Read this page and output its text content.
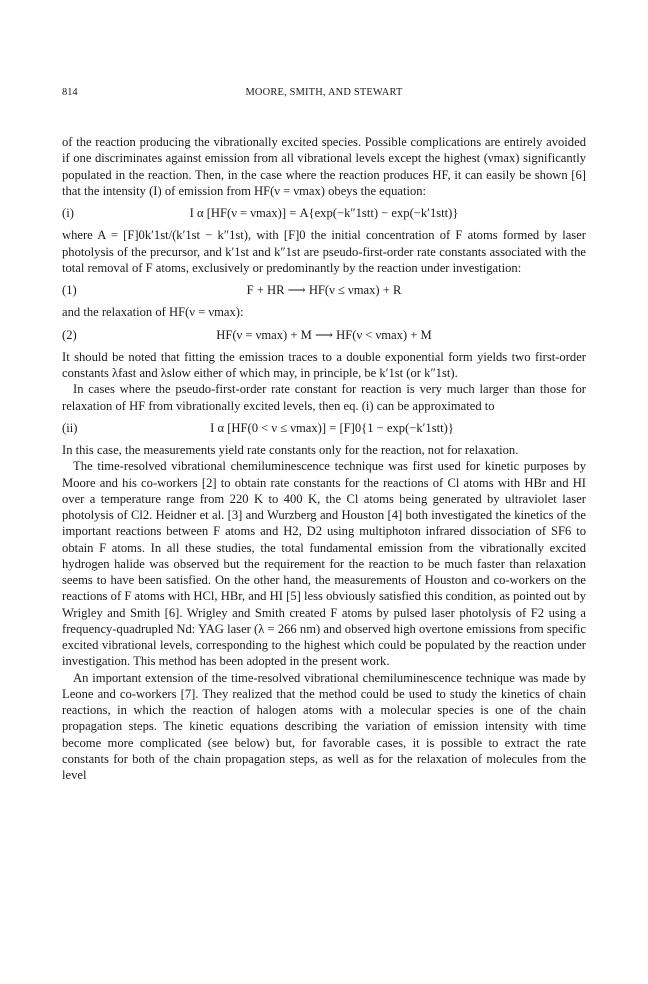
814	MOORE, SMITH, AND STEWART

of the reaction producing the vibrationally excited species. Possible complications are entirely avoided if one discriminates against emission from all vibrational levels except the highest (νmax) significantly populated in the reaction. Then, in the case where the reaction produces HF, it can easily be shown [6] that the intensity (I) of emission from HF(ν = νmax) obeys the equation:

(i)	I α [HF(ν = νmax)] = A{exp(−k″1stt) − exp(−k′1stt)}

where A = [F]0k′1st/(k′1st − k″1st), with [F]0 the initial concentration of F atoms formed by laser photolysis of the precursor, and k′1st and k″1st are pseudo-first-order rate constants associated with the total removal of F atoms, exclusively or predominantly by the reaction under investigation:

(1)	F + HR ⟶ HF(ν ≤ νmax) + R

and the relaxation of HF(ν = νmax):

(2)	HF(ν = νmax) + M ⟶ HF(ν < νmax) + M

It should be noted that fitting the emission traces to a double exponential form yields two first-order constants λfast and λslow either of which may, in principle, be k′1st (or k″1st).

In cases where the pseudo-first-order rate constant for reaction is very much larger than those for relaxation of HF from vibrationally excited levels, then eq. (i) can be approximated to

(ii)	I α [HF(0 < ν ≤ νmax)] = [F]0{1 − exp(−k′1stt)}

In this case, the measurements yield rate constants only for the reaction, not for relaxation.

The time-resolved vibrational chemiluminescence technique was first used for kinetic purposes by Moore and his co-workers [2] to obtain rate constants for the reactions of Cl atoms with HBr and HI over a temperature range from 220 K to 400 K, the Cl atoms being generated by ultraviolet laser photolysis of Cl2. Heidner et al. [3] and Wurzberg and Houston [4] both investigated the kinetics of the important reactions between F atoms and H2, D2 using multiphoton infrared dissociation of SF6 to obtain F atoms. In all these studies, the total fundamental emission from the vibrationally excited hydrogen halide was observed but the requirement for the reaction to be much faster than relaxation seems to have been satisfied. On the other hand, the measurements of Houston and co-workers on the reactions of F atoms with HCl, HBr, and HI [5] less obviously satisfied this condition, as pointed out by Wrigley and Smith [6]. Wrigley and Smith created F atoms by pulsed laser photolysis of F2 using a frequency-quadrupled Nd: YAG laser (λ = 266 nm) and observed high overtone emissions from specific excited vibrational levels, corresponding to the highest which could be populated by the reaction under investigation. This method has been adopted in the present work.

An important extension of the time-resolved vibrational chemiluminescence technique was made by Leone and co-workers [7]. They realized that the method could be used to study the kinetics of chain reactions, in which the reaction of halogen atoms with a molecular species is one of the chain propagation steps. The kinetic equations describing the variation of emission intensity with time become more complicated (see below) but, for favorable cases, it is possible to extract the rate constants for both of the chain propagation steps, as well as for the relaxation of molecules from the level
